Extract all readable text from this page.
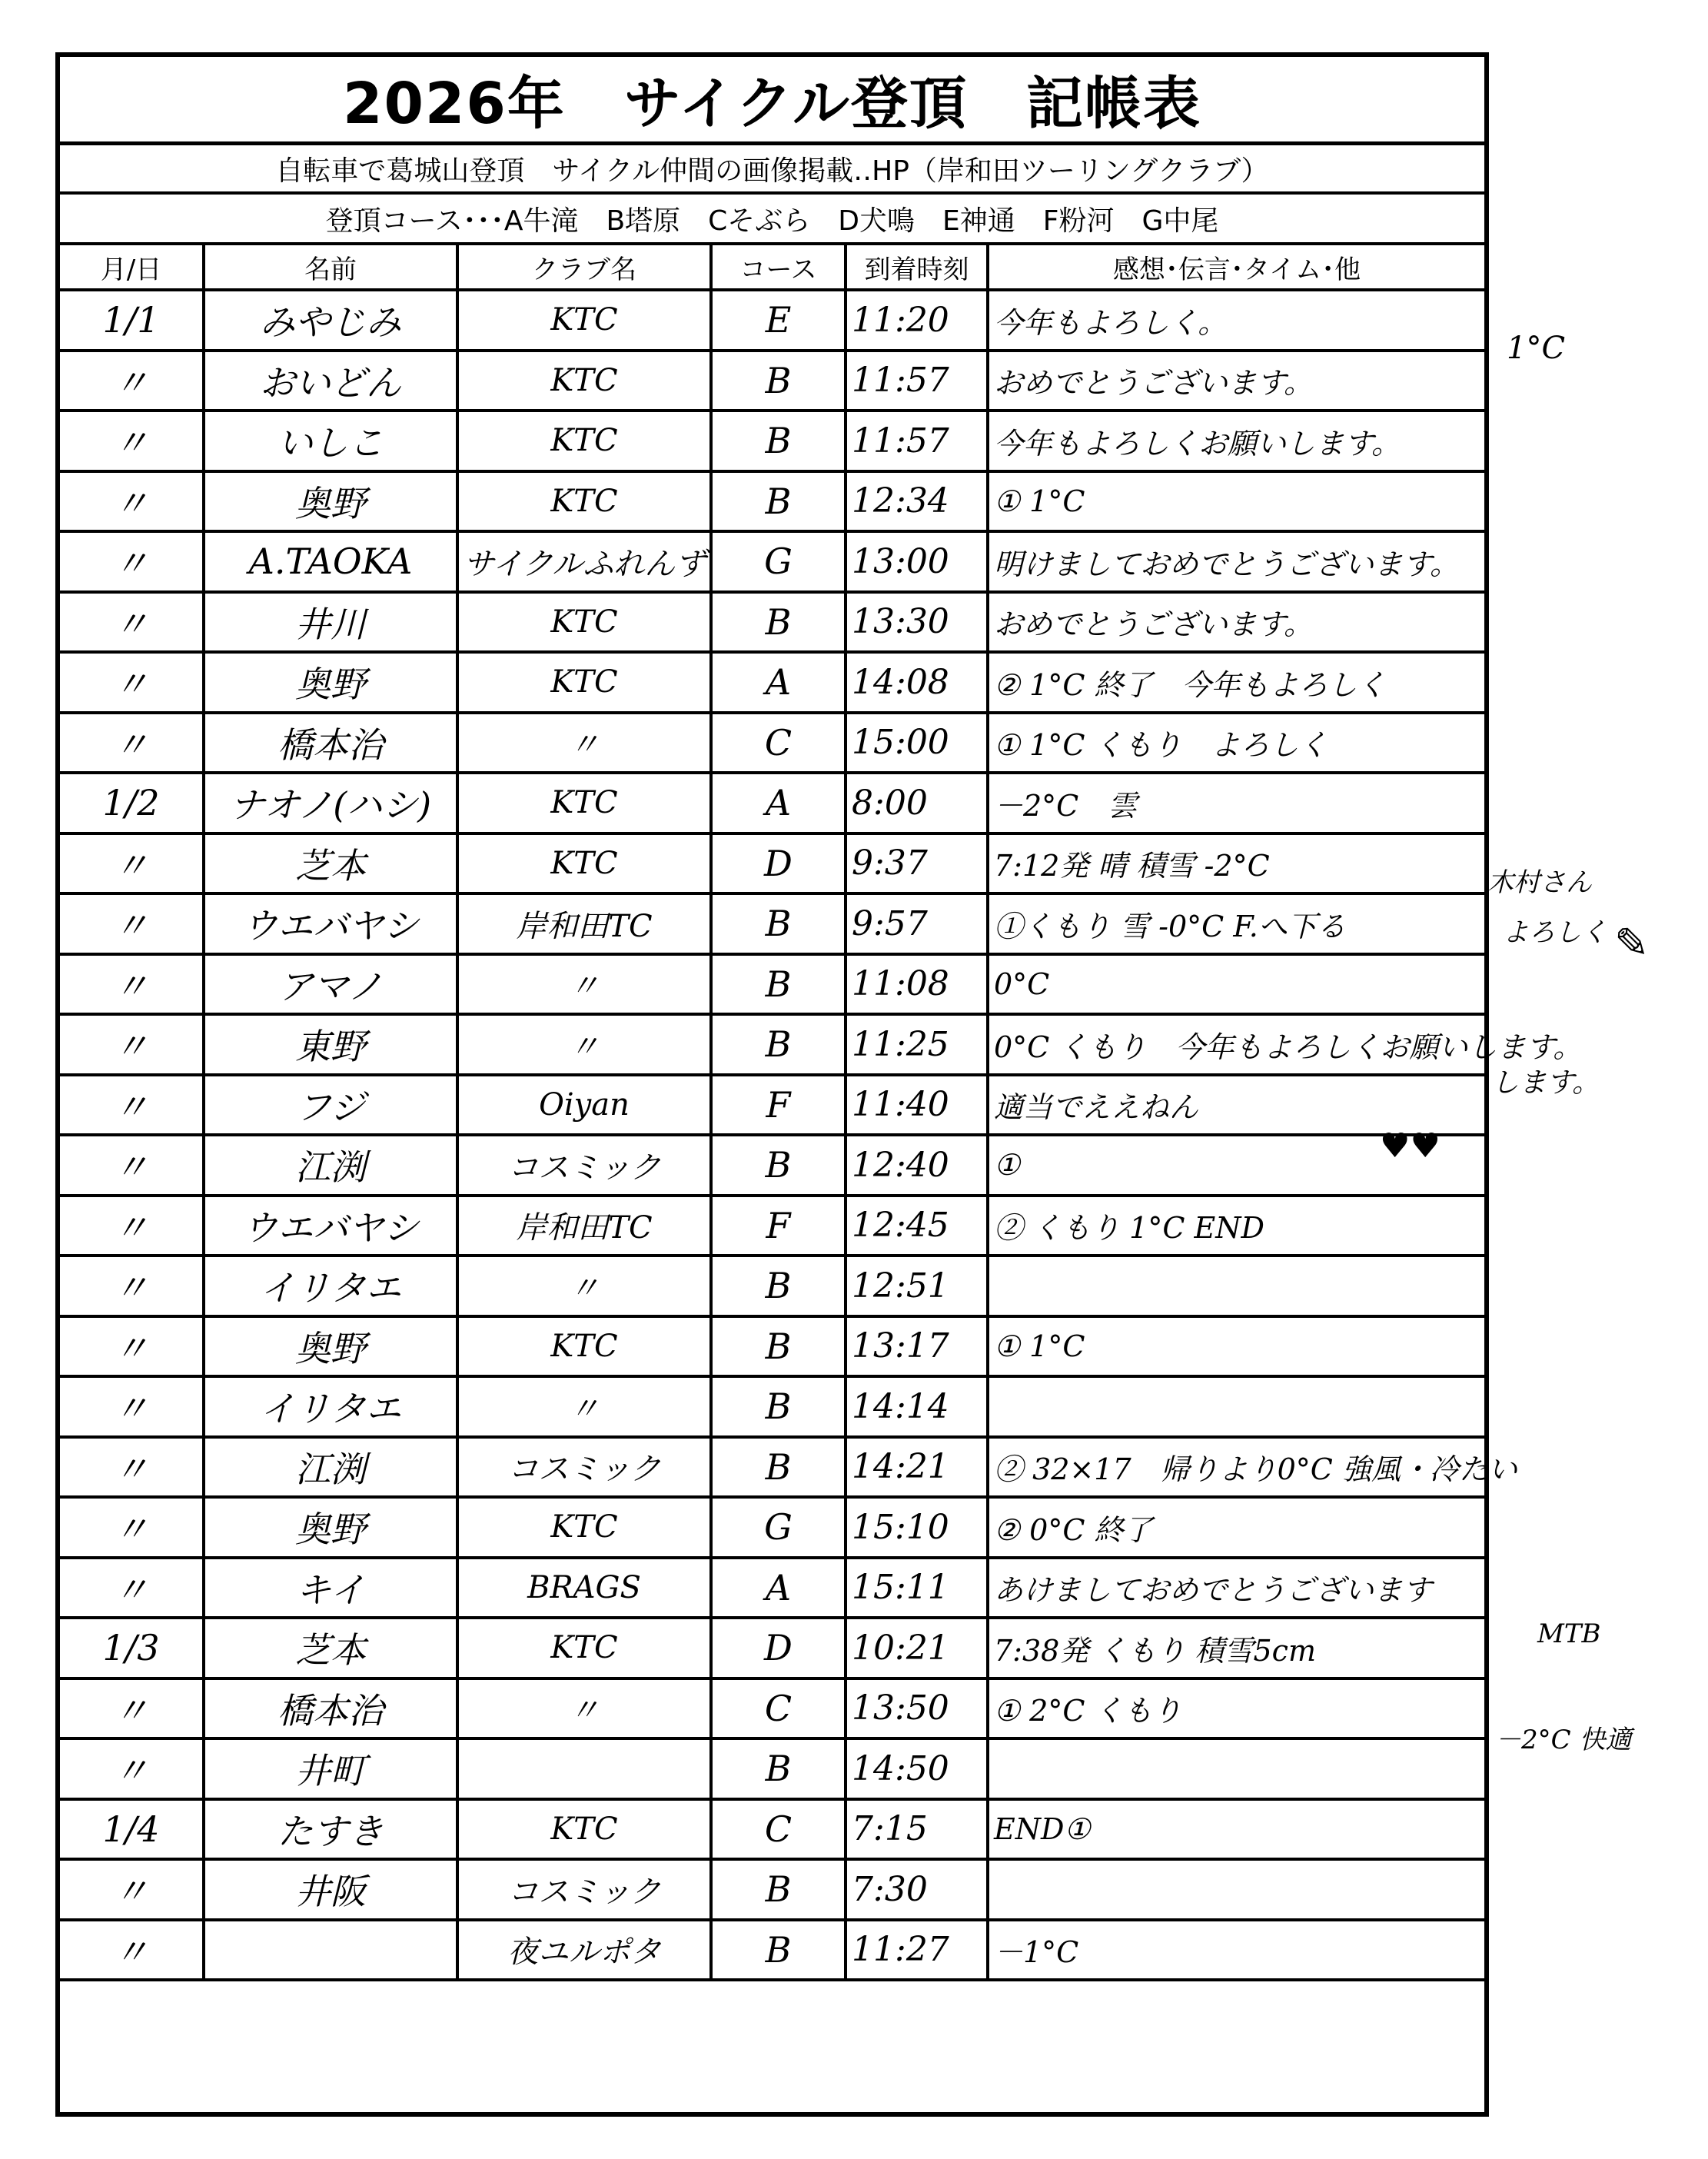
2026年　サイクル登頂　記帳表
自転車で葛城山登頂　サイクル仲間の画像掲載‥HP（岸和田ツーリングクラブ）
登頂コース･･･A牛滝　B塔原　Cそぶら　D犬鳴　E神通　F粉河　G中尾
月/日	名前	クラブ名	コース	到着時刻	感想･伝言･タイム･他
1/1	みやじみ	KTC	E	11:20	今年もよろしく。
〃	おいどん	KTC	B	11:57	おめでとうございます。
〃	いしこ	KTC	B	11:57	今年もよろしくお願いします。
〃	奥野	KTC	B	12:34	① 1°C
〃	A.TAOKA	サイクルふれんず	G	13:00	明けましておめでとうございます。
〃	井川	KTC	B	13:30	おめでとうございます。
〃	奥野	KTC	A	14:08	② 1°C 終了　今年もよろしく
〃	橋本治	〃	C	15:00	① 1°C くもり　よろしく
1/2	ナオノ(ハシ)	KTC	A	8:00	－2°C　雲
〃	芝本	KTC	D	9:37	7:12発 晴 積雪 -2°C
〃	ウエバヤシ	岸和田TC	B	9:57	①くもり 雪 -0°C F.へ下る
〃	アマノ	〃	B	11:08	0°C
〃	東野	〃	B	11:25	0°C くもり　今年もよろしくお願いします。
〃	フジ	Oiyan	F	11:40	適当でええねん
〃	江渕	コスミック	B	12:40	①
〃	ウエバヤシ	岸和田TC	F	12:45	② くもり 1°C END
〃	イリタエ	〃	B	12:51	
〃	奥野	KTC	B	13:17	① 1°C
〃	イリタエ	〃	B	14:14	
〃	江渕	コスミック	B	14:21	② 32×17　帰りより0°C 強風・冷たい
〃	奥野	KTC	G	15:10	② 0°C 終了
〃	キイ	BRAGS	A	15:11	あけましておめでとうございます
1/3	芝本	KTC	D	10:21	7:38発 くもり 積雪5cm
〃	橋本治	〃	C	13:50	① 2°C くもり
〃	井町		B	14:50	
1/4	たすき	KTC	C	7:15	END①
〃	井阪	コスミック	B	7:30	
〃		夜ユルポタ	B	11:27	－1°C
1°C
木村さん
よろしく
します。
MTB
－2°C 快適
♥♥
✎
